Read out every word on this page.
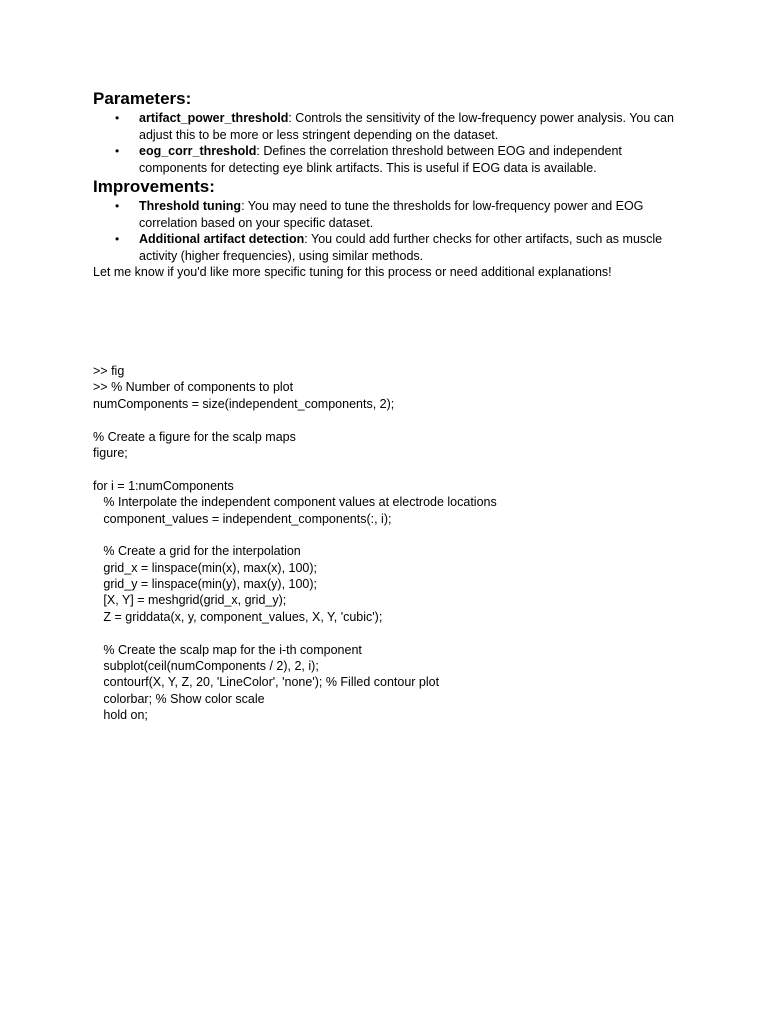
Parameters:
• artifact_power_threshold: Controls the sensitivity of the low-frequency power analysis. You can adjust this to be more or less stringent depending on the dataset.
• eog_corr_threshold: Defines the correlation threshold between EOG and independent components for detecting eye blink artifacts. This is useful if EOG data is available.
Improvements:
• Threshold tuning: You may need to tune the thresholds for low-frequency power and EOG correlation based on your specific dataset.
• Additional artifact detection: You could add further checks for other artifacts, such as muscle activity (higher frequencies), using similar methods.

Let me know if you'd like more specific tuning for this process or need additional explanations!

>> fig
>> % Number of components to plot
numComponents = size(independent_components, 2);
% Create a figure for the scalp maps
figure;
for i = 1:numComponents
% Interpolate the independent component values at electrode locations
component_values = independent_components(:, i);
% Create a grid for the interpolation
grid_x = linspace(min(x), max(x), 100);
grid_y = linspace(min(y), max(y), 100);
[X, Y] = meshgrid(grid_x, grid_y);
Z = griddata(x, y, component_values, X, Y, 'cubic');
% Create the scalp map for the i-th component
subplot(ceil(numComponents / 2), 2, i);
contourf(X, Y, Z, 20, 'LineColor', 'none'); % Filled contour plot
colorbar; % Show color scale
hold on;
